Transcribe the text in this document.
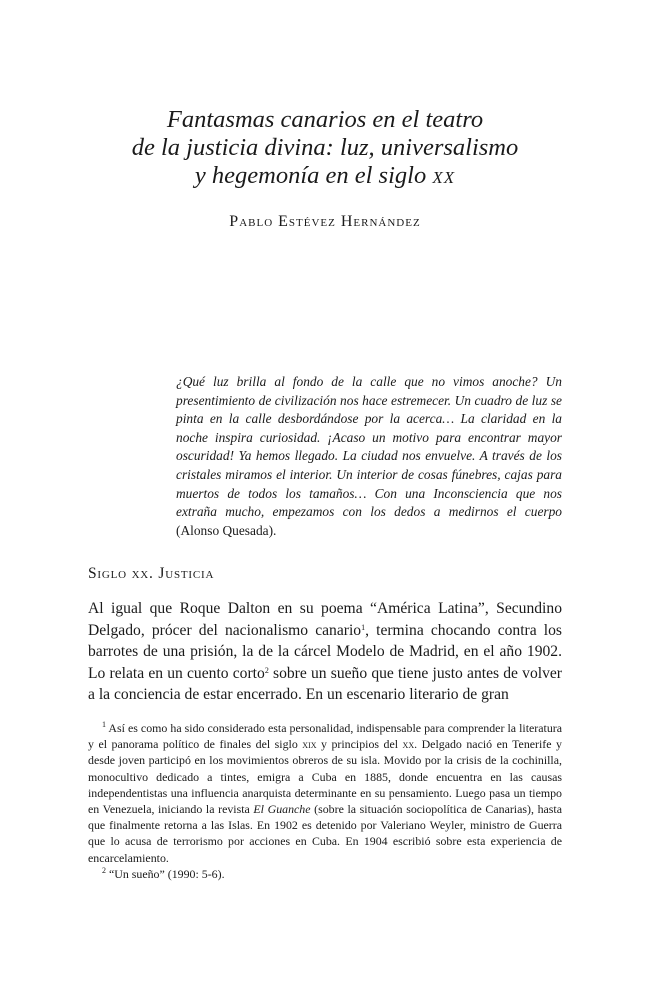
Fantasmas canarios en el teatro
de la justicia divina: luz, universalismo
y hegemonía en el siglo xx
Pablo Estévez Hernández
¿Qué luz brilla al fondo de la calle que no vimos anoche? Un presentimiento de civilización nos hace estremecer. Un cuadro de luz se pinta en la calle desbordándose por la acerca… La claridad en la noche inspira curiosidad. ¡Acaso un motivo para encontrar mayor oscuridad! Ya hemos llegado. La ciudad nos envuelve. A través de los cristales miramos el interior. Un interior de cosas fúnebres, cajas para muertos de todos los tamaños… Con una Inconsciencia que nos extraña mucho, empezamos con los dedos a medirnos el cuerpo (Alonso Quesada).
Siglo xx. Justicia
Al igual que Roque Dalton en su poema “América Latina”, Secundino Delgado, prócer del nacionalismo canario$^1$, termina chocando contra los barrotes de una prisión, la de la cárcel Modelo de Madrid, en el año 1902. Lo relata en un cuento corto$^2$ sobre un sueño que tiene justo antes de volver a la conciencia de estar encerrado. En un escenario literario de gran

$^1$ Así es como ha sido considerado esta personalidad, indispensable para comprender la literatura y el panorama político de finales del siglo xix y principios del xx. Delgado nació en Tenerife y desde joven participó en los movimientos obreros de su isla. Movido por la crisis de la cochinilla, monocultivo dedicado a tintes, emigra a Cuba en 1885, donde encuentra en las causas independentistas una influencia anarquista determinante en su pensamiento. Luego pasa un tiempo en Venezuela, iniciando la revista El Guanche (sobre la situación sociopolítica de Canarias), hasta que finalmente retorna a las Islas. En 1902 es detenido por Valeriano Weyler, ministro de Guerra que lo acusa de terrorismo por acciones en Cuba. En 1904 escribió sobre esta experiencia de encarcelamiento.

$^2$ “Un sueño” (1990: 5-6).
